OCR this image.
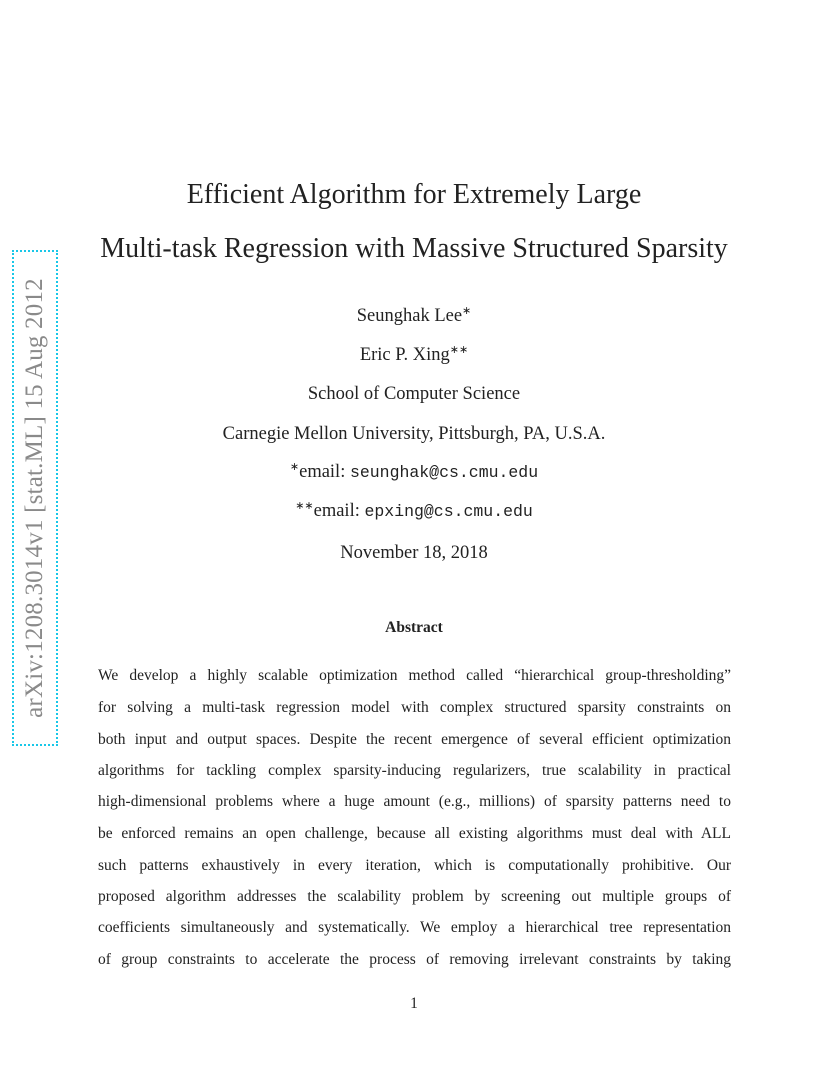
arXiv:1208.3014v1 [stat.ML] 15 Aug 2012
Efficient Algorithm for Extremely Large
Multi-task Regression with Massive Structured Sparsity
Seunghak Lee∗
Eric P. Xing∗∗
School of Computer Science
Carnegie Mellon University, Pittsburgh, PA, U.S.A.
∗email: seunghak@cs.cmu.edu
∗∗email: epxing@cs.cmu.edu
November 18, 2018
Abstract
We develop a highly scalable optimization method called “hierarchical group-thresholding”
for solving a multi-task regression model with complex structured sparsity constraints on
both input and output spaces. Despite the recent emergence of several efficient optimization
algorithms for tackling complex sparsity-inducing regularizers, true scalability in practical
high-dimensional problems where a huge amount (e.g., millions) of sparsity patterns need to
be enforced remains an open challenge, because all existing algorithms must deal with ALL
such patterns exhaustively in every iteration, which is computationally prohibitive. Our
proposed algorithm addresses the scalability problem by screening out multiple groups of
coefficients simultaneously and systematically. We employ a hierarchical tree representation
of group constraints to accelerate the process of removing irrelevant constraints by taking
1
